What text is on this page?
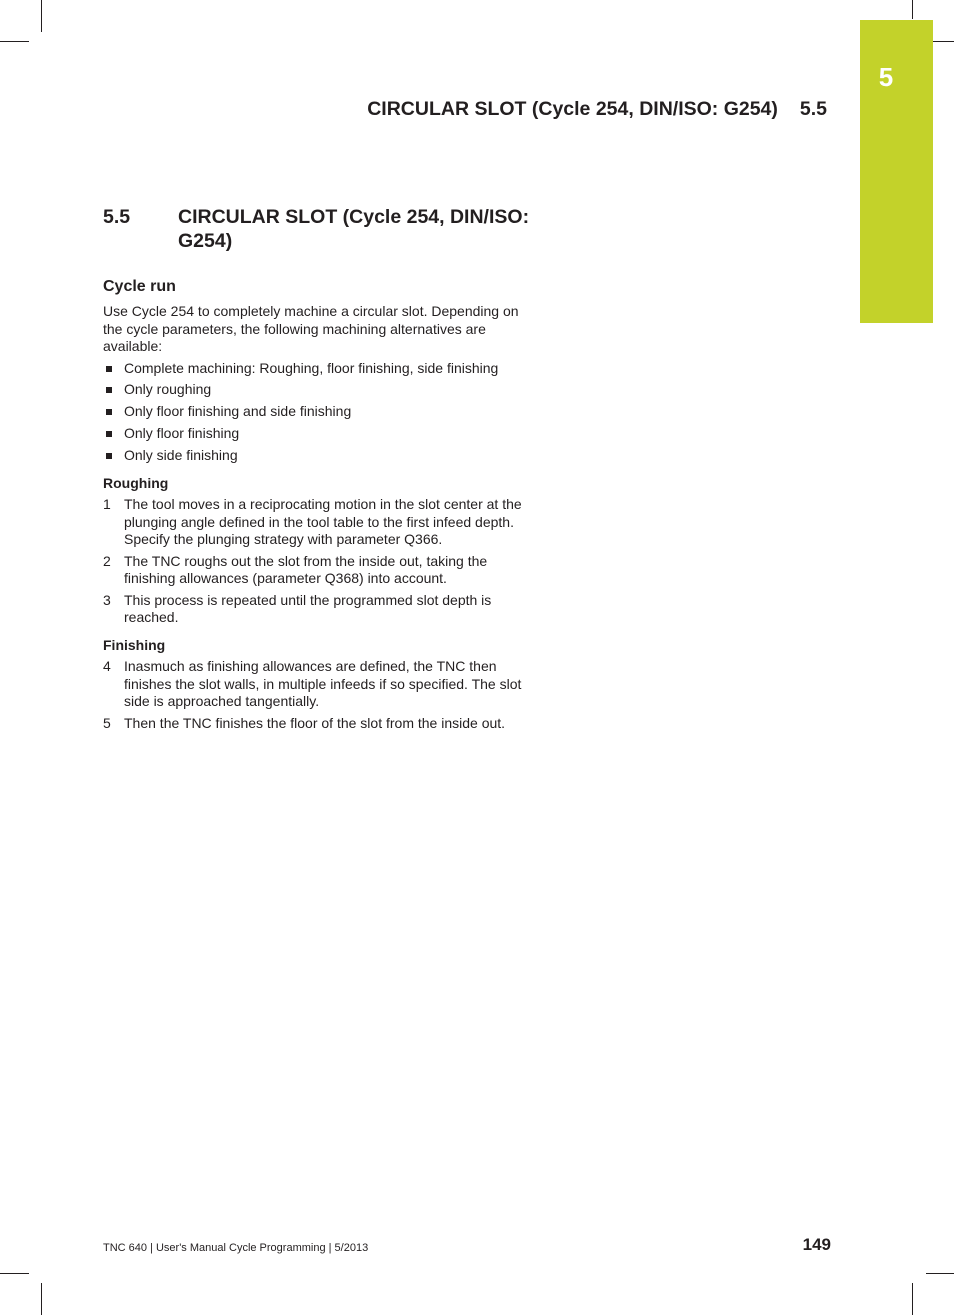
5
CIRCULAR SLOT (Cycle 254, DIN/ISO: G254) 5.5
5.5 CIRCULAR SLOT (Cycle 254, DIN/ISO: G254)
Cycle run

Use Cycle 254 to completely machine a circular slot. Depending on the cycle parameters, the following machining alternatives are available:

Complete machining: Roughing, floor finishing, side finishing
Only roughing
Only floor finishing and side finishing
Only floor finishing
Only side finishing
Roughing
1 The tool moves in a reciprocating motion in the slot center at the plunging angle defined in the tool table to the first infeed depth. Specify the plunging strategy with parameter Q366.
2 The TNC roughs out the slot from the inside out, taking the finishing allowances (parameter Q368) into account.
3 This process is repeated until the programmed slot depth is reached.
Finishing
4 Inasmuch as finishing allowances are defined, the TNC then finishes the slot walls, in multiple infeeds if so specified. The slot side is approached tangentially.
5 Then the TNC finishes the floor of the slot from the inside out.
TNC 640 | User's Manual Cycle Programming | 5/2013	149
